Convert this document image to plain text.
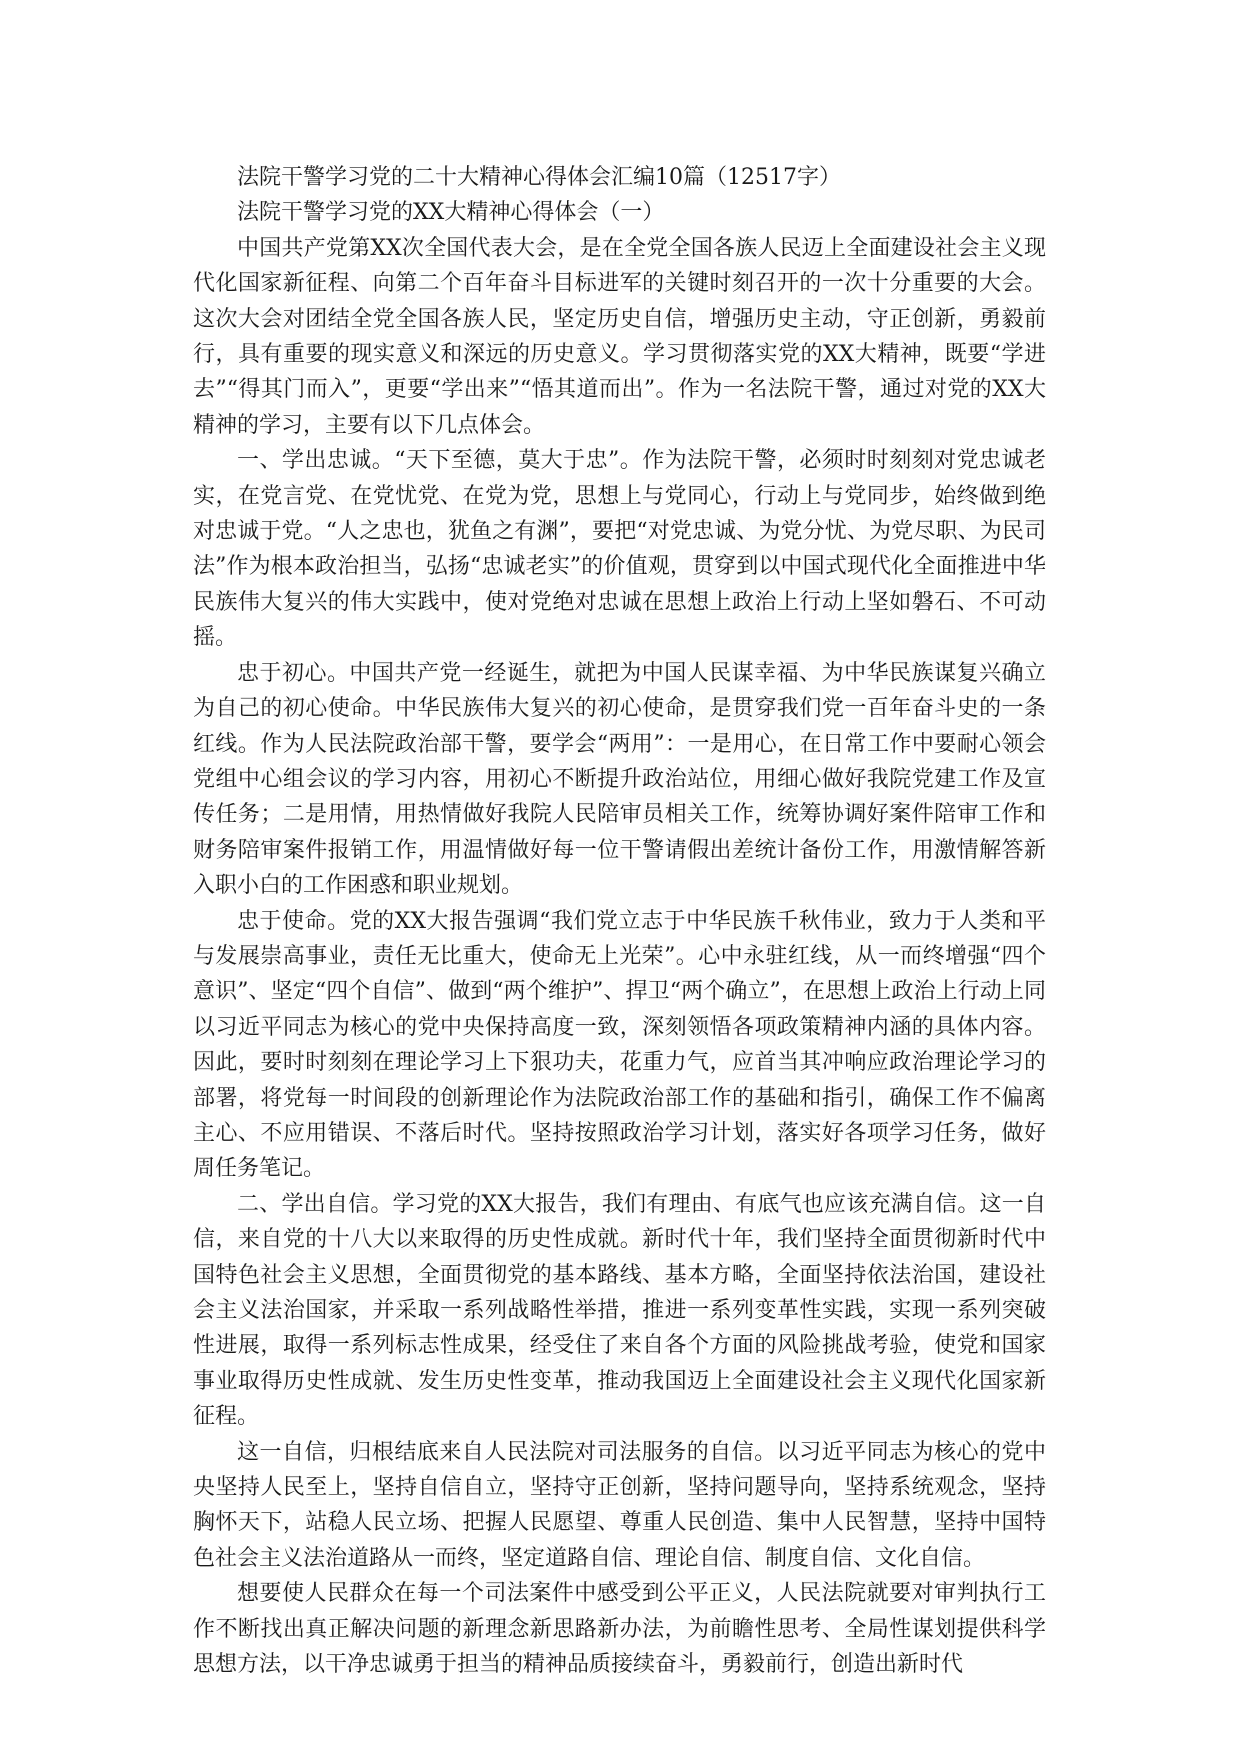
法院干警学习党的二十大精神心得体会汇编10篇（12517字）

法院干警学习党的XX大精神心得体会（一）

中国共产党第XX次全国代表大会，是在全党全国各族人民迈上全面建设社会主义现代化国家新征程、向第二个百年奋斗目标进军的关键时刻召开的一次十分重要的大会。这次大会对团结全党全国各族人民，坚定历史自信，增强历史主动，守正创新，勇毅前行，具有重要的现实意义和深远的历史意义。学习贯彻落实党的XX大精神，既要“学进去”“得其门而入”，更要“学出来”“悟其道而出”。作为一名法院干警，通过对党的XX大精神的学习，主要有以下几点体会。

一、学出忠诚。“天下至德，莫大于忠”。作为法院干警，必须时时刻刻对党忠诚老实，在党言党、在党忧党、在党为党，思想上与党同心，行动上与党同步，始终做到绝对忠诚于党。“人之忠也，犹鱼之有渊”，要把“对党忠诚、为党分忧、为党尽职、为民司法”作为根本政治担当，弘扬“忠诚老实”的价值观，贯穿到以中国式现代化全面推进中华民族伟大复兴的伟大实践中，使对党绝对忠诚在思想上政治上行动上坚如磐石、不可动摇。

忠于初心。中国共产党一经诞生，就把为中国人民谋幸福、为中华民族谋复兴确立为自己的初心使命。中华民族伟大复兴的初心使命，是贯穿我们党一百年奋斗史的一条红线。作为人民法院政治部干警，要学会“两用”：一是用心，在日常工作中要耐心领会党组中心组会议的学习内容，用初心不断提升政治站位，用细心做好我院党建工作及宣传任务；二是用情，用热情做好我院人民陪审员相关工作，统筹协调好案件陪审工作和财务陪审案件报销工作，用温情做好每一位干警请假出差统计备份工作，用激情解答新入职小白的工作困惑和职业规划。

忠于使命。党的XX大报告强调“我们党立志于中华民族千秋伟业，致力于人类和平与发展崇高事业，责任无比重大，使命无上光荣”。心中永驻红线，从一而终增强“四个意识”、坚定“四个自信”、做到“两个维护”、捍卫“两个确立”，在思想上政治上行动上同以习近平同志为核心的党中央保持高度一致，深刻领悟各项政策精神内涵的具体内容。因此，要时时刻刻在理论学习上下狠功夫，花重力气，应首当其冲响应政治理论学习的部署，将党每一时间段的创新理论作为法院政治部工作的基础和指引，确保工作不偏离主心、不应用错误、不落后时代。坚持按照政治学习计划，落实好各项学习任务，做好周任务笔记。

二、学出自信。学习党的XX大报告，我们有理由、有底气也应该充满自信。这一自信，来自党的十八大以来取得的历史性成就。新时代十年，我们坚持全面贯彻新时代中国特色社会主义思想，全面贯彻党的基本路线、基本方略，全面坚持依法治国，建设社会主义法治国家，并采取一系列战略性举措，推进一系列变革性实践，实现一系列突破性进展，取得一系列标志性成果，经受住了来自各个方面的风险挑战考验，使党和国家事业取得历史性成就、发生历史性变革，推动我国迈上全面建设社会主义现代化国家新征程。

这一自信，归根结底来自人民法院对司法服务的自信。以习近平同志为核心的党中央坚持人民至上，坚持自信自立，坚持守正创新，坚持问题导向，坚持系统观念，坚持胸怀天下，站稳人民立场、把握人民愿望、尊重人民创造、集中人民智慧，坚持中国特色社会主义法治道路从一而终，坚定道路自信、理论自信、制度自信、文化自信。

想要使人民群众在每一个司法案件中感受到公平正义，人民法院就要对审判执行工作不断找出真正解决问题的新理念新思路新办法，为前瞻性思考、全局性谋划提供科学思想方法，以干净忠诚勇于担当的精神品质接续奋斗，勇毅前行，创造出新时代
